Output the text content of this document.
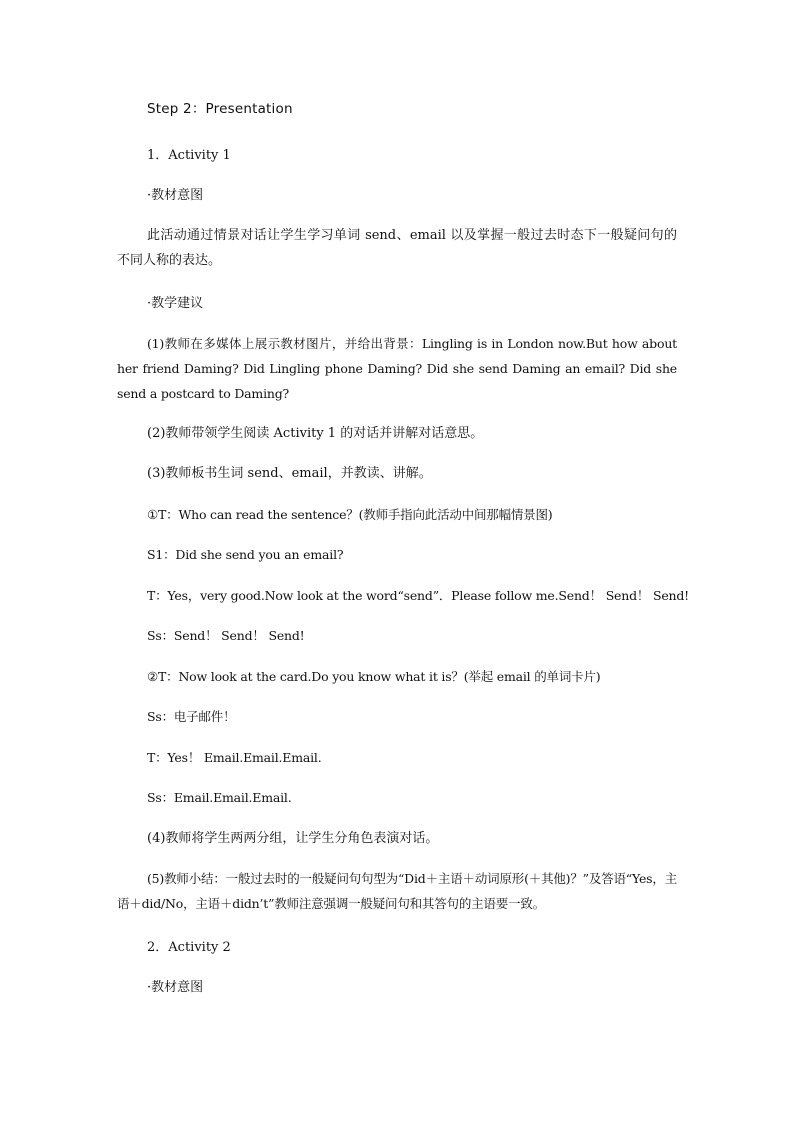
Step 2：Presentation

1．Activity 1

·教材意图

此活动通过情景对话让学生学习单词 send、email 以及掌握一般过去时态下一般疑问句的不同人称的表达。

·教学建议

(1)教师在多媒体上展示教材图片，并给出背景：Lingling is in London now.But how about her friend Daming? Did Lingling phone Daming? Did she send Daming an email? Did she send a postcard to Daming?

(2)教师带领学生阅读 Activity 1 的对话并讲解对话意思。

(3)教师板书生词 send、email，并教读、讲解。

①T：Who can read the sentence？(教师手指向此活动中间那幅情景图)

S1：Did she send you an email?

T：Yes，very good.Now look at the word“send”．Please follow me.Send！ Send！ Send!

Ss：Send！ Send！ Send!

②T：Now look at the card.Do you know what it is？(举起 email 的单词卡片)

Ss：电子邮件！

T：Yes！ Email.Email.Email.

Ss：Email.Email.Email.

(4)教师将学生两两分组，让学生分角色表演对话。

(5)教师小结：一般过去时的一般疑问句句型为“Did＋主语＋动词原形(＋其他)？”及答语“Yes，主语＋did/No，主语＋didn’t”教师注意强调一般疑问句和其答句的主语要一致。

2．Activity 2

·教材意图
